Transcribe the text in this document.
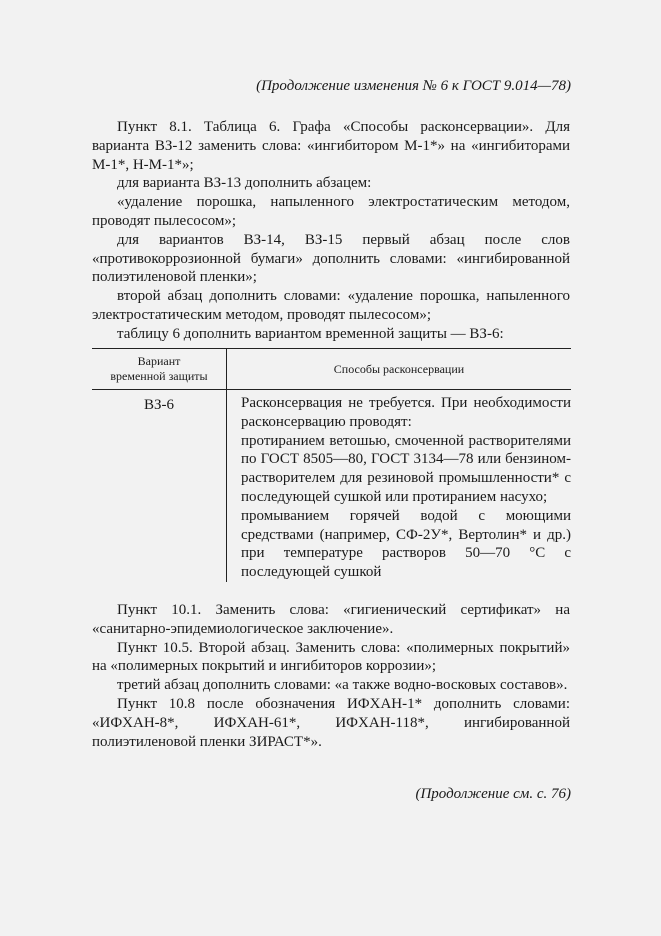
(Продолжение изменения № 6 к ГОСТ 9.014—78)

Пункт 8.1. Таблица 6. Графа «Способы расконсервации». Для варианта ВЗ-12 заменить слова: «ингибитором М-1*» на «ингибиторами М-1*, Н-М-1*»;

для варианта ВЗ-13 дополнить абзацем:

«удаление порошка, напыленного электростатическим методом, проводят пылесосом»;

для вариантов ВЗ-14, ВЗ-15 первый абзац после слов «противокоррозионной бумаги» дополнить словами: «ингибированной полиэтиленовой пленки»;

второй абзац дополнить словами: «удаление порошка, напыленного электростатическим методом, проводят пылесосом»;

таблицу 6 дополнить вариантом временной защиты — ВЗ-6:

Вариант
временной защиты	Способы расконсервации
ВЗ-6	Расконсервация не требуется. При необходимости расконсервацию проводят:

протиранием ветошью, смоченной растворителями по ГОСТ 8505—80, ГОСТ 3134—78 или бензином-растворителем для резиновой промышленности* с последующей сушкой или протиранием насухо;

промыванием горячей водой с моющими средствами (например, СФ-2У*, Вертолин* и др.) при температуре растворов 50—70 °С с последующей сушкой

Пункт 10.1. Заменить слова: «гигиенический сертификат» на «санитарно-эпидемиологическое заключение».

Пункт 10.5. Второй абзац. Заменить слова: «полимерных покрытий» на «полимерных покрытий и ингибиторов коррозии»;

третий абзац дополнить словами: «а также водно-восковых составов».

Пункт 10.8 после обозначения ИФХАН-1* дополнить словами: «ИФХАН-8*, ИФХАН-61*, ИФХАН-118*, ингибированной полиэтиленовой пленки ЗИРАСТ*».

(Продолжение см. с. 76)
